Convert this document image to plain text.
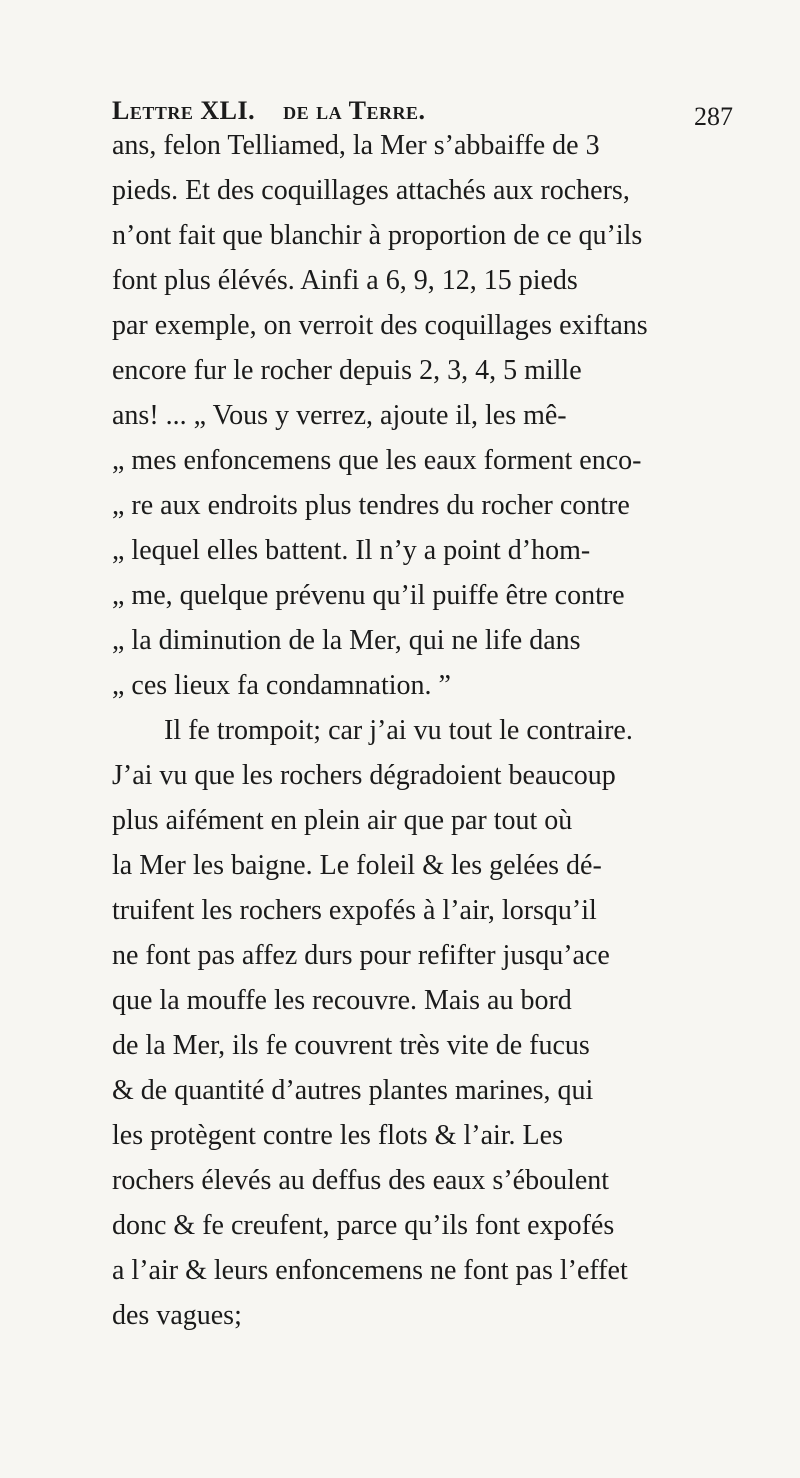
Lettre XLI. de la Terre.	287
ans, felon Telliamed, la Mer s’abbaiffe de 3
pieds. Et des coquillages attachés aux rochers,
n’ont fait que blanchir à proportion de ce qu’ils
font plus élévés. Ainfi a 6, 9, 12, 15 pieds
par exemple, on verroit des coquillages exiftans
encore fur le rocher depuis 2, 3, 4, 5 mille
ans! ... „ Vous y verrez, ajoute il, les mê-
„ mes enfoncemens que les eaux forment enco-
„ re aux endroits plus tendres du rocher contre
„ lequel elles battent. Il n’y a point d’hom-
„ me, quelque prévenu qu’il puiffe être contre
„ la diminution de la Mer, qui ne life dans
„ ces lieux fa condamnation. ”
Il fe trompoit; car j’ai vu tout le contraire.
J’ai vu que les rochers dégradoient beaucoup
plus aifément en plein air que par tout où
la Mer les baigne. Le foleil & les gelées dé-
truifent les rochers expofés à l’air, lorsqu’il
ne font pas affez durs pour refifter jusqu’ace
que la mouffe les recouvre. Mais au bord
de la Mer, ils fe couvrent très vite de fucus
& de quantité d’autres plantes marines, qui
les protègent contre les flots & l’air. Les
rochers élevés au deffus des eaux s’éboulent
donc & fe creufent, parce qu’ils font expofés
a l’air & leurs enfoncemens ne font pas l’effet
des vagues;
